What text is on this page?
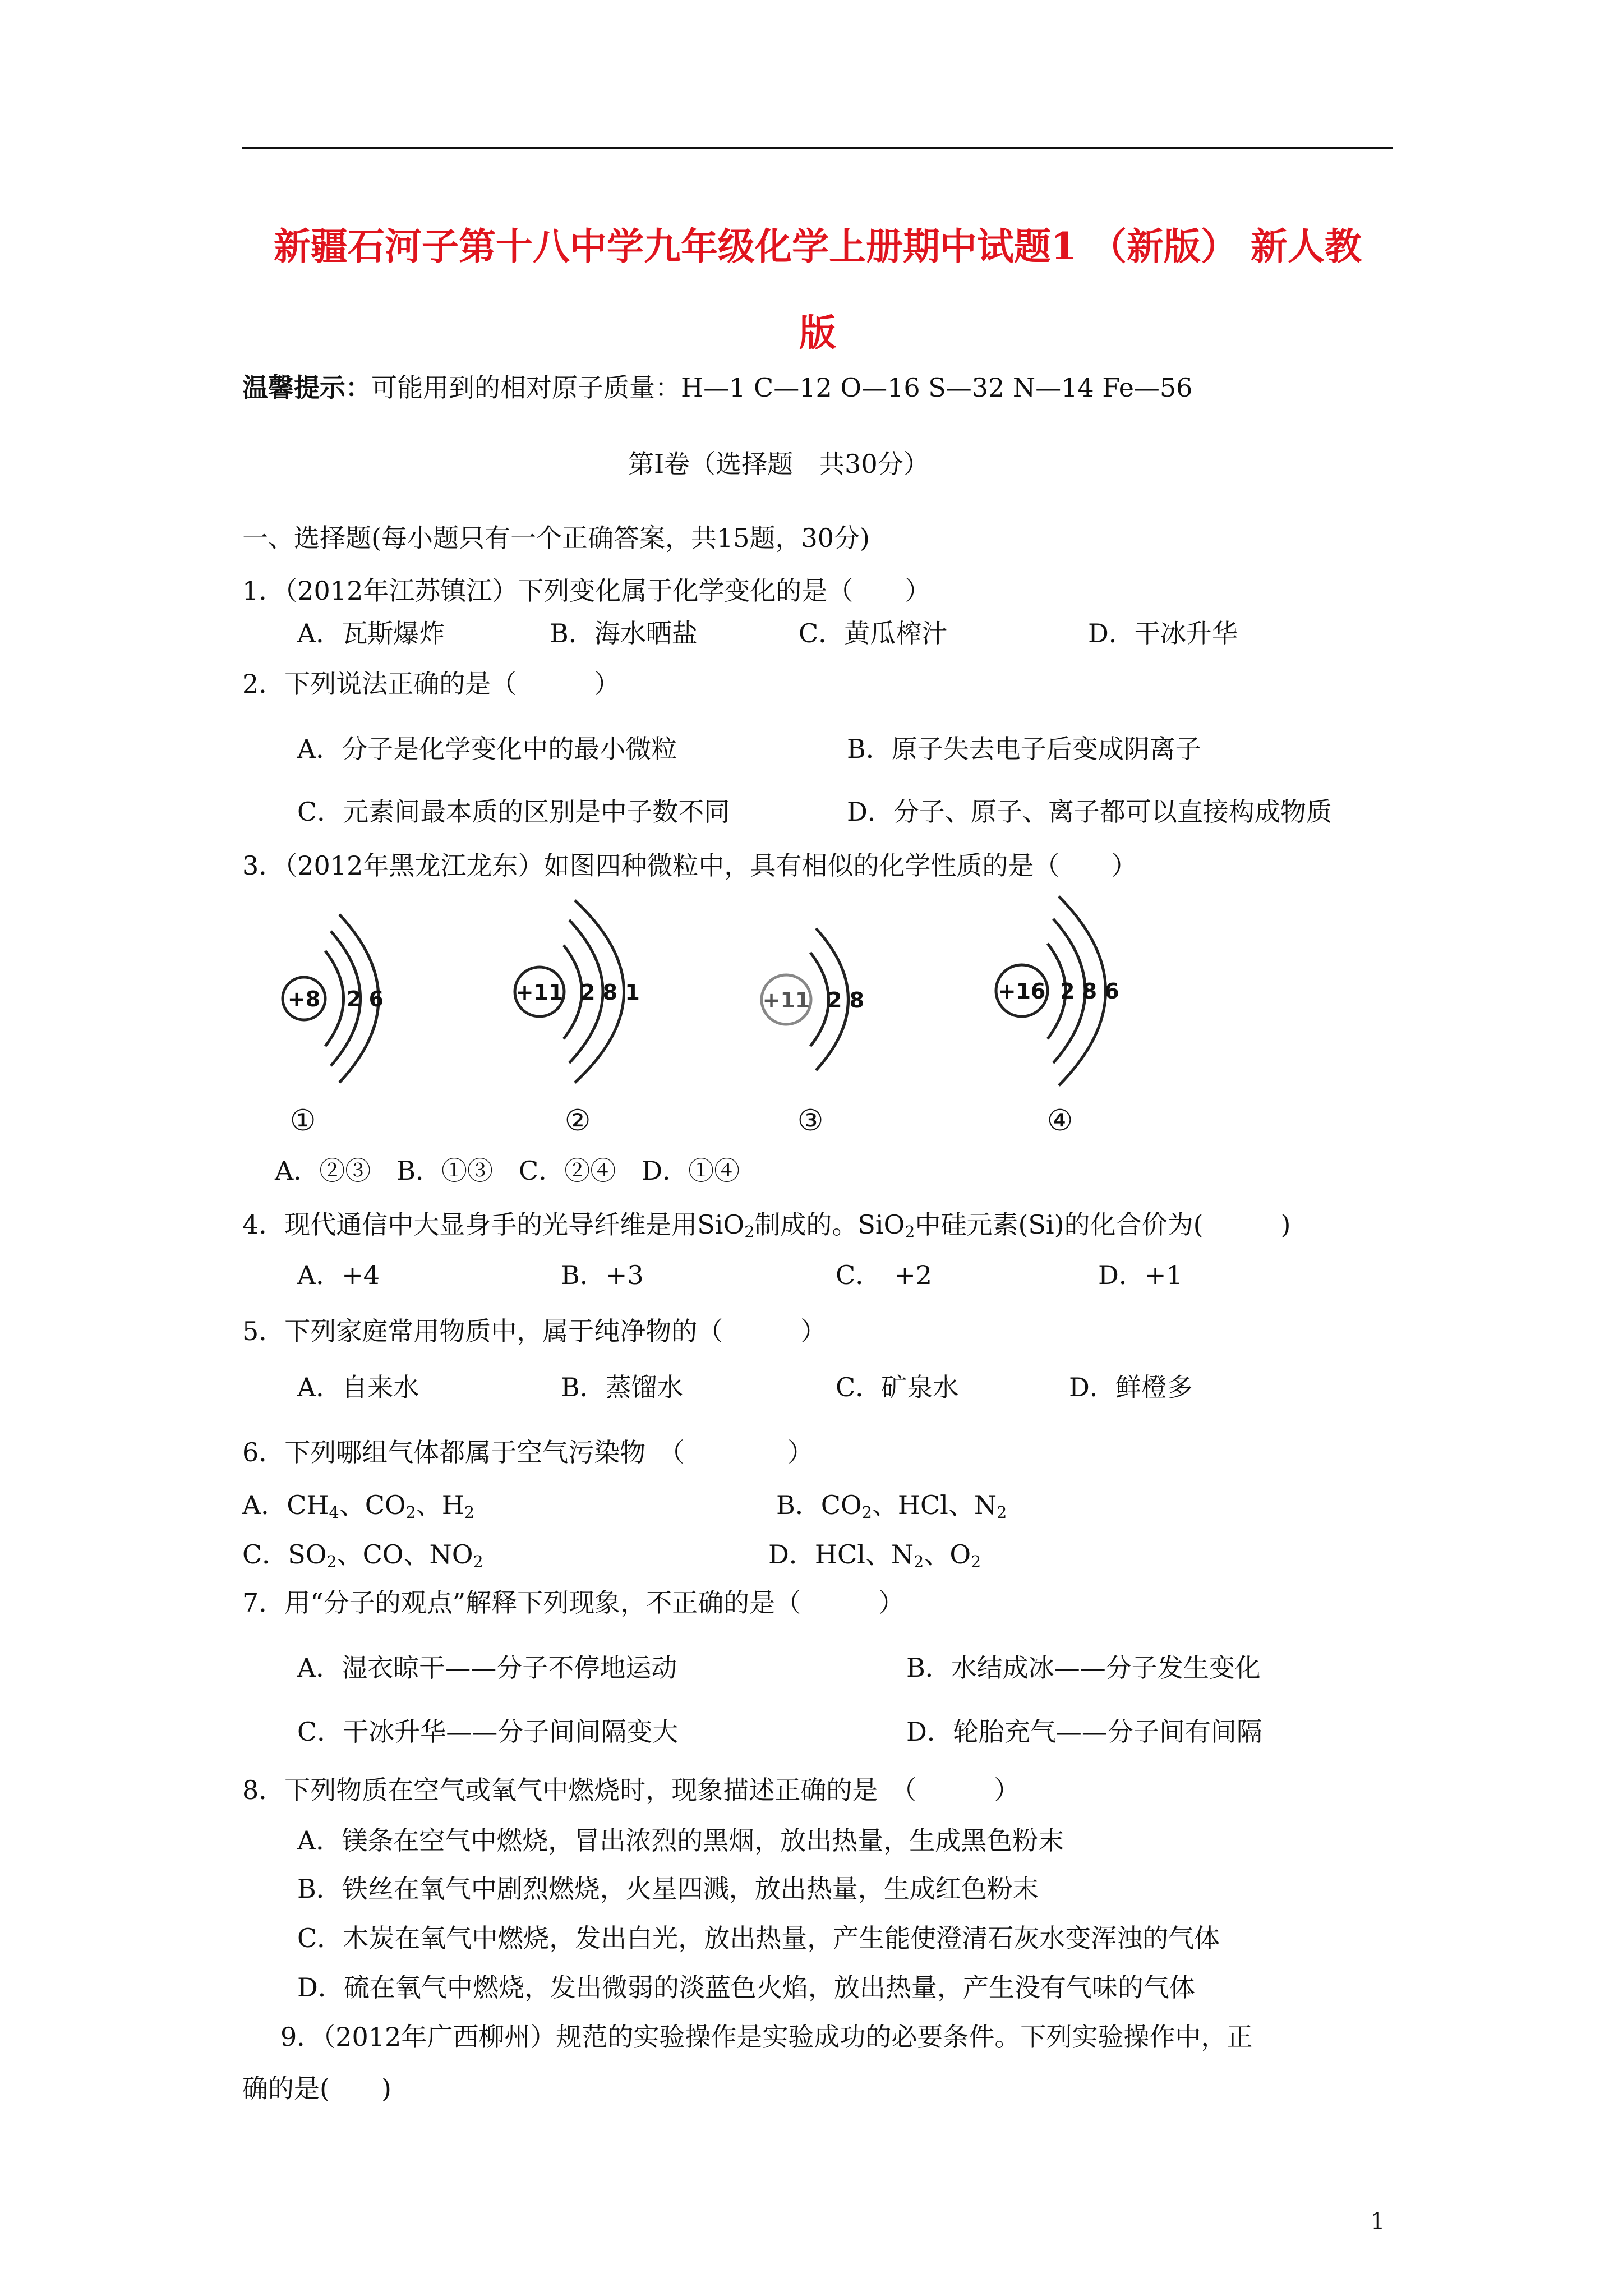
新疆石河子第十八中学九年级化学上册期中试题1 （新版） 新人教
版
温馨提示：可能用到的相对原子质量：H—1 C—12 O—16 S—32 N—14 Fe—56
第Ⅰ卷（选择题　共30分）
一、选择题(每小题只有一个正确答案，共15题，30分)
1．（2012年江苏镇江）下列变化属于化学变化的是（　　）
A．瓦斯爆炸	B．海水晒盐	C．黄瓜榨汁	D．干冰升华
2．下列说法正确的是（　　　）
A．分子是化学变化中的最小微粒	B．原子失去电子后变成阴离子
C．元素间最本质的区别是中子数不同	D．分子、原子、离子都可以直接构成物质
3．（2012年黑龙江龙东）如图四种微粒中，具有相似的化学性质的是（　　）
+8 2 6	+11 2 8 1	+11 2 8	+16 2 8 6
①	②	③	④
A．②③　B．①③　C．②④　D．①④
4．现代通信中大显身手的光导纤维是用SiO$_2$制成的。SiO$_2$中硅元素(Si)的化合价为(　　　)
A．+4	B．+3	C．　+2	D．+1
5．下列家庭常用物质中，属于纯净物的（　　　）
A．自来水	B．蒸馏水	C．矿泉水	D．鲜橙多
6．下列哪组气体都属于空气污染物　（　　　　）
A．$CH_4$、$CO_2$、$H_2$	B．$CO_2$、HCl、$N_2$
C．$SO_2$、CO、$NO_2$	D．HCl、$N_2$、$O_2$
7．用“分子的观点”解释下列现象，不正确的是（　　　）
A．湿衣晾干——分子不停地运动	B．水结成冰——分子发生变化
C．干冰升华——分子间间隔变大	D．轮胎充气——分子间有间隔
8．下列物质在空气或氧气中燃烧时，现象描述正确的是　（　　　）
A．镁条在空气中燃烧，冒出浓烈的黑烟，放出热量，生成黑色粉末
B．铁丝在氧气中剧烈燃烧，火星四溅，放出热量，生成红色粉末
C．木炭在氧气中燃烧，发出白光，放出热量，产生能使澄清石灰水变浑浊的气体
D．硫在氧气中燃烧，发出微弱的淡蓝色火焰，放出热量，产生没有气味的气体
9．（2012年广西柳州）规范的实验操作是实验成功的必要条件。下列实验操作中，正
确的是(　　)
1
